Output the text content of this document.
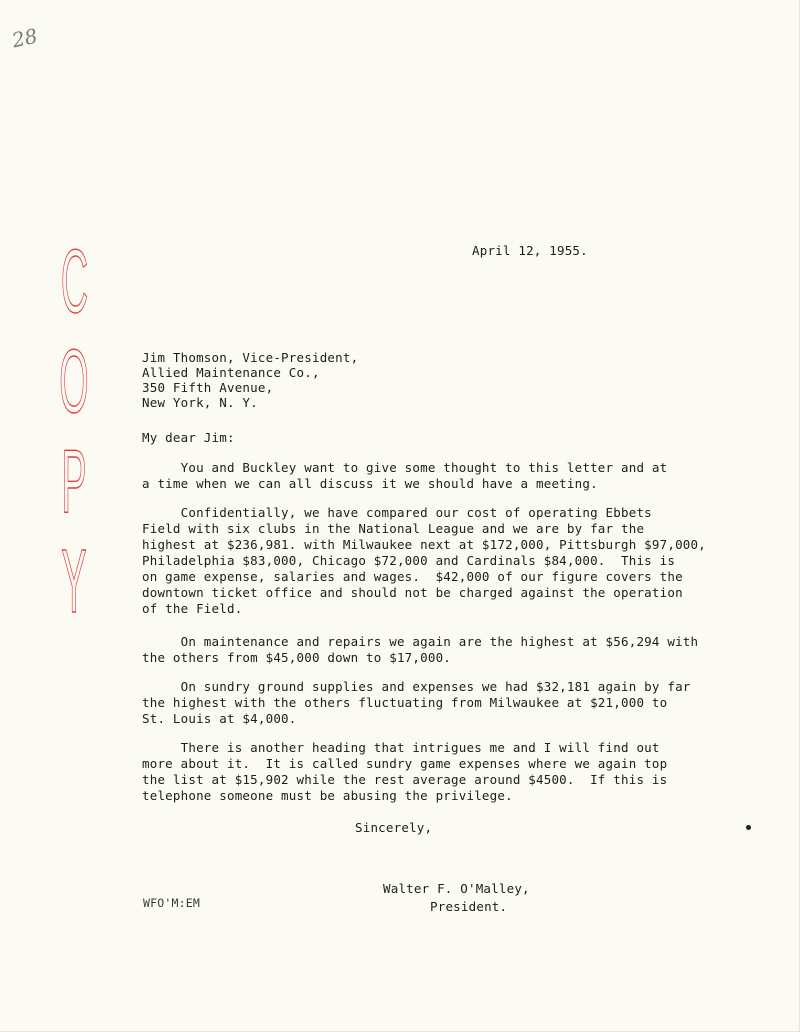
28
C
O
P
Y
April 12, 1955.
Jim Thomson, Vice-President,
Allied Maintenance Co.,
350 Fifth Avenue,
New York, N. Y.
My dear Jim:
You and Buckley want to give some thought to this letter and at
a time when we can all discuss it we should have a meeting.
Confidentially, we have compared our cost of operating Ebbets
Field with six clubs in the National League and we are by far the
highest at $236,981. with Milwaukee next at $172,000, Pittsburgh $97,000,
Philadelphia $83,000, Chicago $72,000 and Cardinals $84,000.  This is
on game expense, salaries and wages.  $42,000 of our figure covers the
downtown ticket office and should not be charged against the operation
of the Field.
On maintenance and repairs we again are the highest at $56,294 with
the others from $45,000 down to $17,000.
On sundry ground supplies and expenses we had $32,181 again by far
the highest with the others fluctuating from Milwaukee at $21,000 to
St. Louis at $4,000.
There is another heading that intrigues me and I will find out
more about it.  It is called sundry game expenses where we again top
the list at $15,902 while the rest average around $4500.  If this is
telephone someone must be abusing the privilege.
Sincerely,
WFO'M:EM
Walter F. O'Malley,
President.
